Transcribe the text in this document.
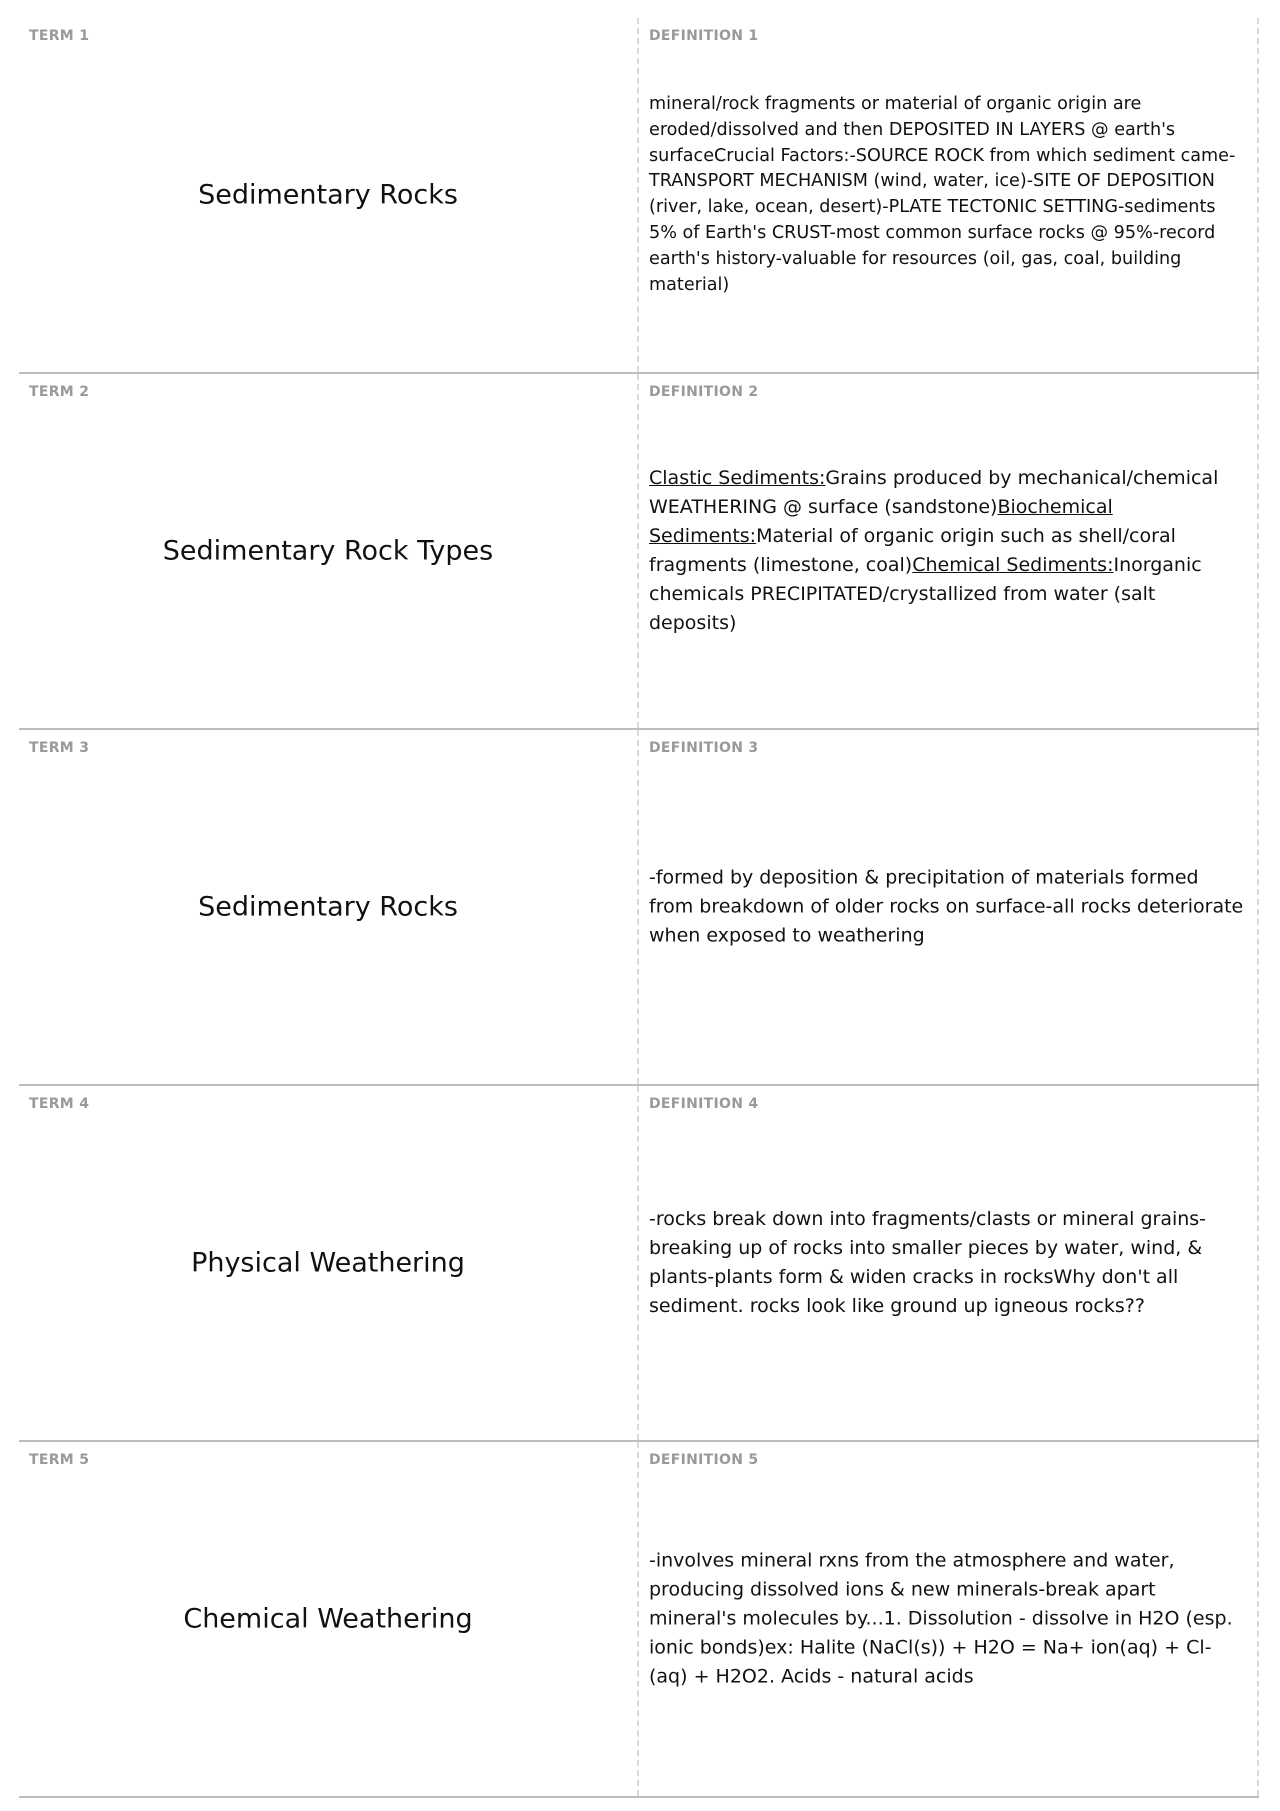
TERM 1
Sedimentary Rocks
DEFINITION 1
mineral/rock fragments or material of organic origin are eroded/dissolved and then DEPOSITED IN LAYERS @ earth's surfaceCrucial Factors:-SOURCE ROCK from which sediment came-TRANSPORT MECHANISM (wind, water, ice)-SITE OF DEPOSITION (river, lake, ocean, desert)-PLATE TECTONIC SETTING-sediments 5% of Earth's CRUST-most common surface rocks @ 95%-record earth's history-valuable for resources (oil, gas, coal, building material)
TERM 2
Sedimentary Rock Types
DEFINITION 2
Clastic Sediments:Grains produced by mechanical/chemical WEATHERING @ surface (sandstone)Biochemical Sediments:Material of organic origin such as shell/coral fragments (limestone, coal)Chemical Sediments:Inorganic chemicals PRECIPITATED/crystallized from water (salt deposits)
TERM 3
Sedimentary Rocks
DEFINITION 3
-formed by deposition & precipitation of materials formed from breakdown of older rocks on surface-all rocks deteriorate when exposed to weathering
TERM 4
Physical Weathering
DEFINITION 4
-rocks break down into fragments/clasts or mineral grains-breaking up of rocks into smaller pieces by water, wind, & plants-plants form & widen cracks in rocksWhy don't all sediment. rocks look like ground up igneous rocks??
TERM 5
Chemical Weathering
DEFINITION 5
-involves mineral rxns from the atmosphere and water, producing dissolved ions & new minerals-break apart mineral's molecules by...1. Dissolution - dissolve in H2O (esp. ionic bonds)ex: Halite (NaCl(s)) + H2O = Na+ ion(aq) + Cl-(aq) + H2O2. Acids - natural acids
